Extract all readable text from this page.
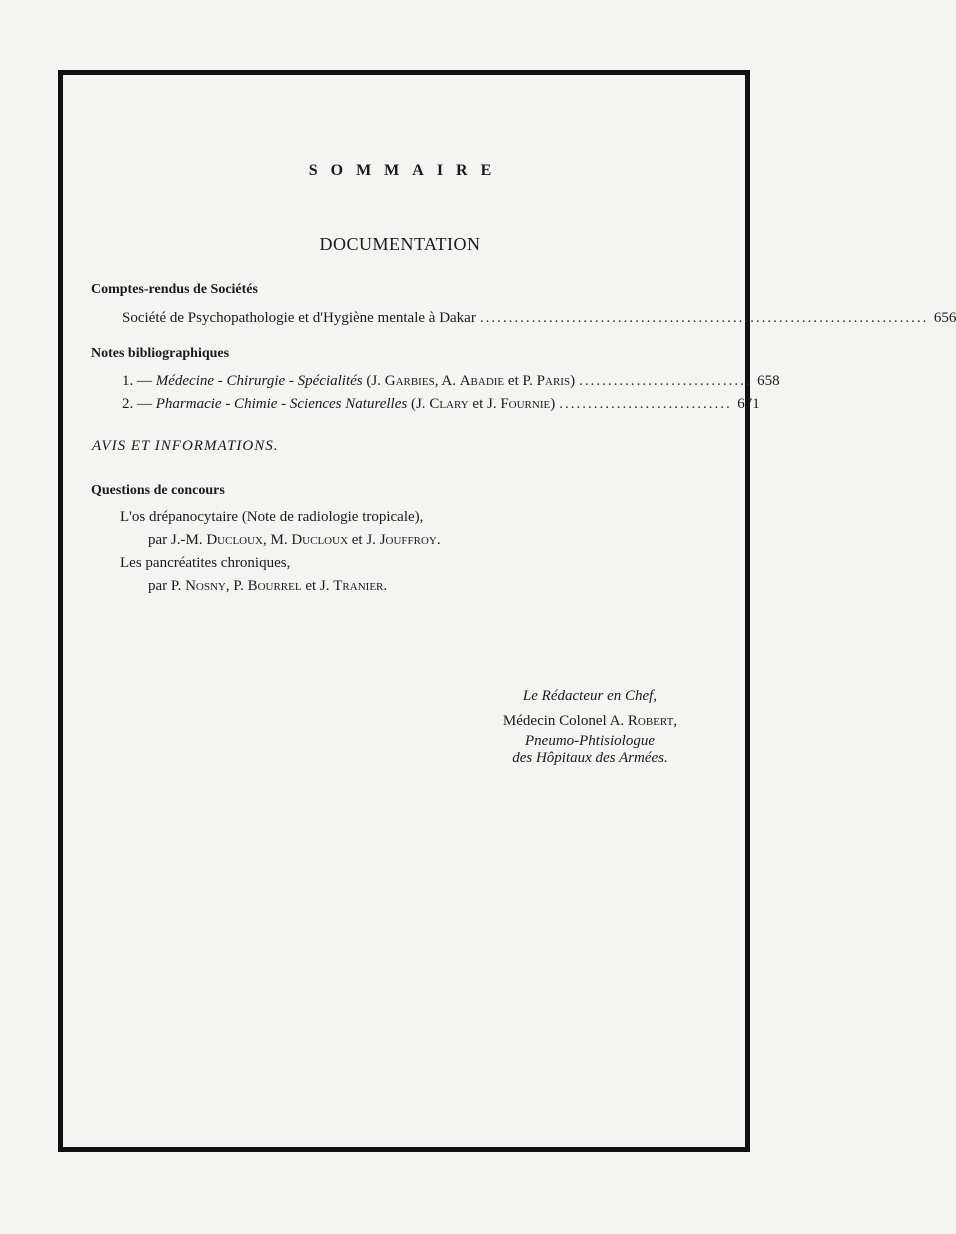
SOMMAIRE
DOCUMENTATION
Comptes-rendus de Sociétés
Société de Psychopathologie et d'Hygiène mentale à Dakar .............................................................................. 656
Notes bibliographiques
1.
—
Médecine - Chirurgie - Spécialités
(J.
Garbies , A.
Abadie
et P.
Paris ) .............................. 658
2.
—
Pharmacie - Chimie - Sciences Naturelles
(J.
Clary
et J.
Fournie ) .............................. 671
AVIS ET INFORMATIONS.
Questions de concours
L'os drépanocytaire (Note de radiologie tropicale),
par J.-M. Ducloux, M. Ducloux et J. Jouffroy.
Les pancréatites chroniques,
par P. Nosny, P. Bourrel et J. Tranier.
Le Rédacteur en Chef,
Médecin Colonel A. Robert,
Pneumo-Phtisiologue
des Hôpitaux des Armées.
